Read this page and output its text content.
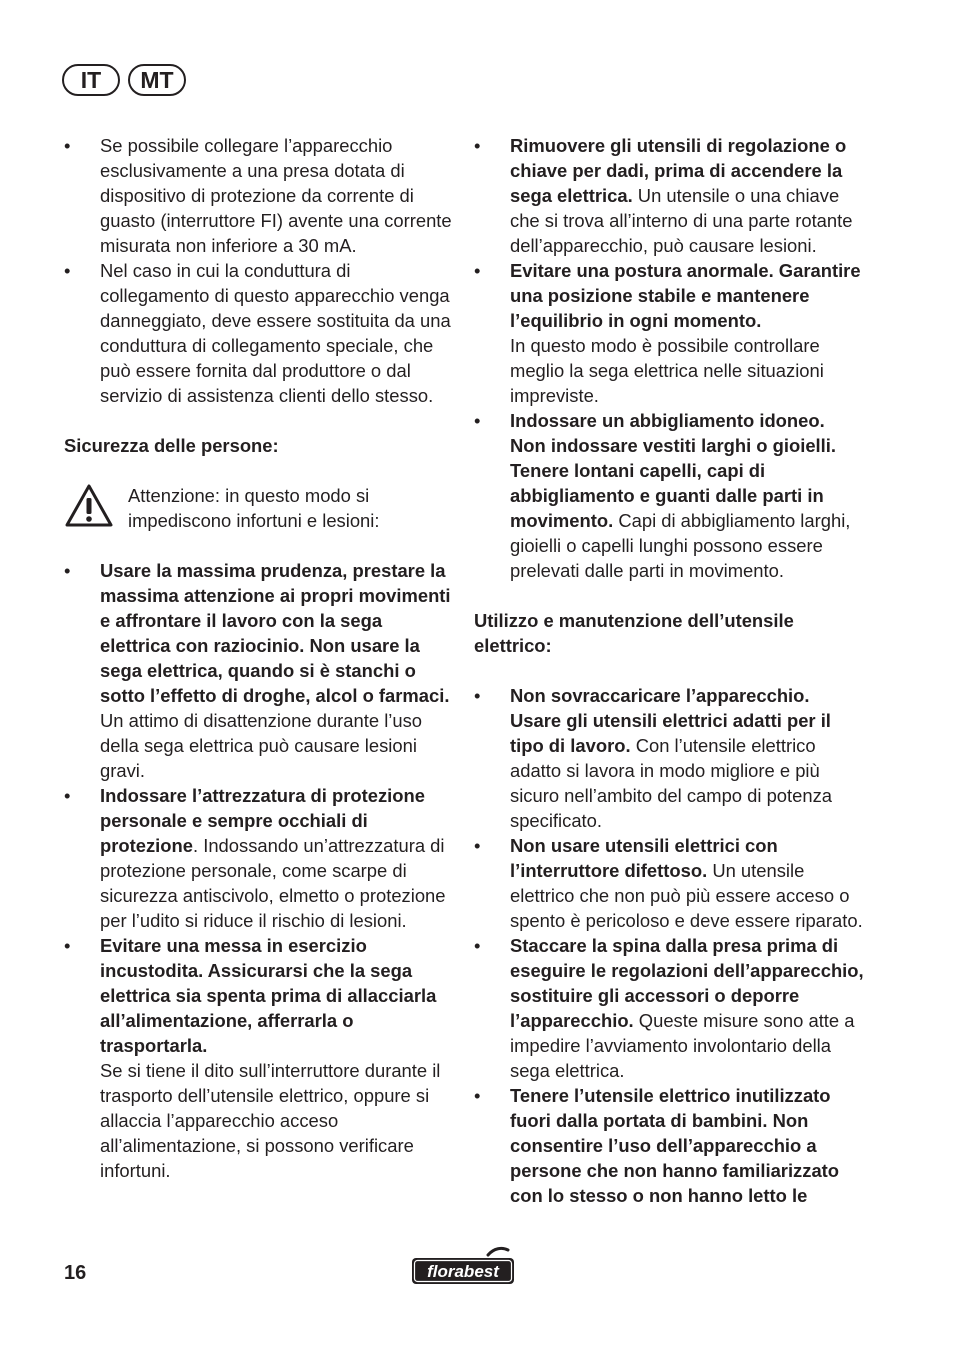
IT	MT
• Se possibile collegare l’apparecchio esclusivamente a una presa dotata di dispositivo di protezione da corrente di guasto (interruttore FI) avente una corrente misurata non inferiore a 30 mA.
• Nel caso in cui la conduttura di collegamento di questo apparecchio venga danneggiato, deve essere sostituita da una conduttura di collegamento speciale, che può essere fornita dal produttore o dal servizio di assistenza clienti dello stesso.
Sicurezza delle persone:
Attenzione: in questo modo si impediscono infortuni e lesioni:
• Usare la massima prudenza, prestare la massima attenzione ai propri movimenti e affrontare il lavoro con la sega elettrica con raziocinio. Non usare la sega elettrica, quando si è stanchi o sotto l’effetto di droghe, alcol o farmaci. Un attimo di disattenzione durante l’uso della sega elettrica può causare lesioni gravi.
• Indossare l’attrezzatura di protezione personale e sempre occhiali di protezione. Indossando un’attrezzatura di protezione personale, come scarpe di sicurezza antiscivolo, elmetto o protezione per l’udito si riduce il rischio di lesioni.
• Evitare una messa in esercizio incustodita. Assicurarsi che la sega elettrica sia spenta prima di allacciarla all’alimentazione, afferrarla o trasportarla.
Se si tiene il dito sull’interruttore durante il trasporto dell’utensile elettrico, oppure si allaccia l’apparecchio acceso all’alimentazione, si possono verificare infortuni.
• Rimuovere gli utensili di regolazione o chiave per dadi, prima di accendere la sega elettrica. Un utensile o una chiave che si trova all’interno di una parte rotante dell’apparecchio, può causare lesioni.
• Evitare una postura anormale. Garantire una posizione stabile e mantenere l’equilibrio in ogni momento.
In questo modo è possibile controllare meglio la sega elettrica nelle situazioni impreviste.
• Indossare un abbigliamento idoneo. Non indossare vestiti larghi o gioielli. Tenere lontani capelli, capi di abbigliamento e guanti dalle parti in movimento. Capi di abbigliamento larghi, gioielli o capelli lunghi possono essere prelevati dalle parti in movimento.
Utilizzo e manutenzione dell’utensile elettrico:
• Non sovraccaricare l’apparecchio. Usare gli utensili elettrici adatti per il tipo di lavoro. Con l’utensile elettrico adatto si lavora in modo migliore e più sicuro nell’ambito del campo di potenza specificato.
• Non usare utensili elettrici con l’interruttore difettoso. Un utensile elettrico che non può più essere acceso o spento è pericoloso e deve essere riparato.
• Staccare la spina dalla presa prima di eseguire le regolazioni dell’apparecchio, sostituire gli accessori o deporre l’apparecchio. Queste misure sono atte a impedire l’avviamento involontario della sega elettrica.
• Tenere l’utensile elettrico inutilizzato fuori dalla portata di bambini. Non consentire l’uso dell’apparecchio a persone che non hanno familiarizzato con lo stesso o non hanno letto le
16	florabest
